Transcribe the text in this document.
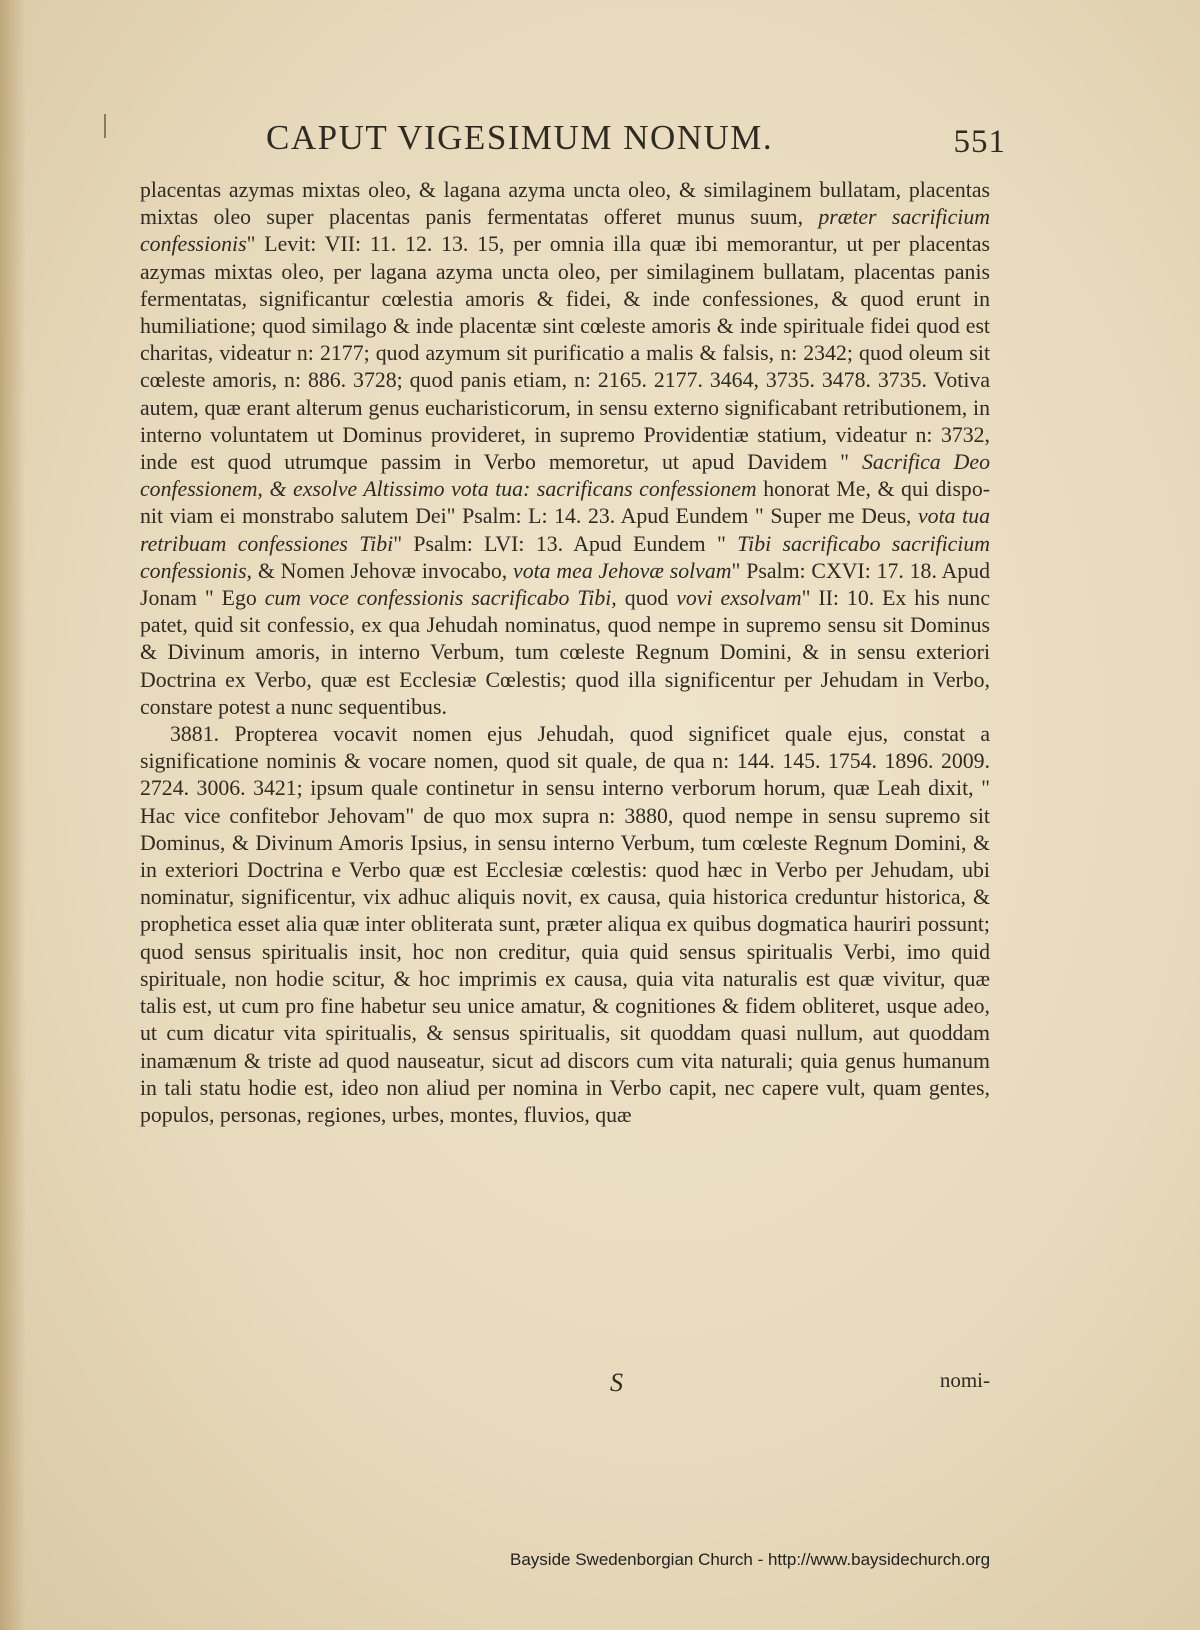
CAPUT VIGESIMUM NONUM.	551

placentas azymas mixtas oleo, & lagana azyma uncta oleo, & similaginem bullatam, placentas mixtas oleo super placentas panis fermentatas offeret munus suum, præter sacrificium confessionis" Levit: VII: 11. 12. 13. 15, per omnia illa quæ ibi memorantur, ut per placentas azymas mixtas oleo, per lagana azyma uncta oleo, per similaginem bullatam, placentas panis fermentatas, significantur cœlestia amoris & fidei, & inde confessiones, & quod erunt in humiliatione; quod similago & inde placentæ sint cœleste amoris & inde spirituale fidei quod est charitas, videatur n: 2177; quod azymum sit purificatio a malis & falsis, n: 2342; quod oleum sit cœleste amoris, n: 886. 3728; quod panis etiam, n: 2165. 2177. 3464, 3735. 3478. 3735. Votiva autem, quæ erant alterum genus eucharisticorum, in sensu externo significabant retributionem, in interno voluntatem ut Dominus provideret, in supremo Providentiæ statium, videatur n: 3732, inde est quod utrumque passim in Verbo memoretur, ut apud Davidem " Sacrifica Deo confessionem, & exsolve Altissimo vota tua: sacrificans confessionem honorat Me, & qui dispo- nit viam ei monstrabo salutem Dei" Psalm: L: 14. 23. Apud Eundem " Super me Deus, vota tua retribuam confessiones Tibi" Psalm: LVI: 13. Apud Eundem " Tibi sacrificabo sacrificium confessionis, & Nomen Jehovæ invocabo, vota mea Jehovæ solvam" Psalm: CXVI: 17. 18. Apud Jonam " Ego cum voce confessionis sacrificabo Tibi, quod vovi exsolvam" II: 10. Ex his nunc patet, quid sit confessio, ex qua Jehudah nominatus, quod nempe in supremo sensu sit Dominus & Divinum amoris, in interno Verbum, tum cœleste Regnum Domini, & in sensu exteriori Doctrina ex Verbo, quæ est Ecclesiæ Cœlestis; quod illa significentur per Jehudam in Verbo, constare potest a nunc sequentibus.

3881. Propterea vocavit nomen ejus Jehudah, quod significet quale ejus, constat a significatione nominis & vocare nomen, quod sit quale, de qua n: 144. 145. 1754. 1896. 2009. 2724. 3006. 3421; ipsum quale continetur in sensu interno verborum horum, quæ Leah dixit, " Hac vice confitebor Jehovam" de quo mox supra n: 3880, quod nempe in sensu supremo sit Dominus, & Divinum Amoris Ipsius, in sensu interno Verbum, tum cœleste Regnum Domini, & in exteriori Doctrina e Verbo quæ est Ecclesiæ cœlestis: quod hæc in Verbo per Jehudam, ubi nominatur, significentur, vix adhuc aliquis novit, ex causa, quia historica creduntur historica, & prophetica esset alia quæ inter obliterata sunt, præter aliqua ex quibus dogmatica hauriri possunt; quod sensus spiritualis insit, hoc non creditur, quia quid sensus spiritualis Verbi, imo quid spirituale, non hodie scitur, & hoc imprimis ex causa, quia vita naturalis est quæ vivitur, quæ talis est, ut cum pro fine habetur seu unice amatur, & cognitiones & fidem obliteret, usque adeo, ut cum dicatur vita spiritualis, & sensus spiritualis, sit quoddam quasi nullum, aut quoddam inamænum & triste ad quod nauseatur, sicut ad discors cum vita naturali; quia genus humanum in tali statu hodie est, ideo non aliud per nomina in Verbo capit, nec capere vult, quam gentes, populos, personas, regiones, urbes, montes, fluvios, quæ

S	nomi-
Bayside Swedenborgian Church - http://www.baysidechurch.org
